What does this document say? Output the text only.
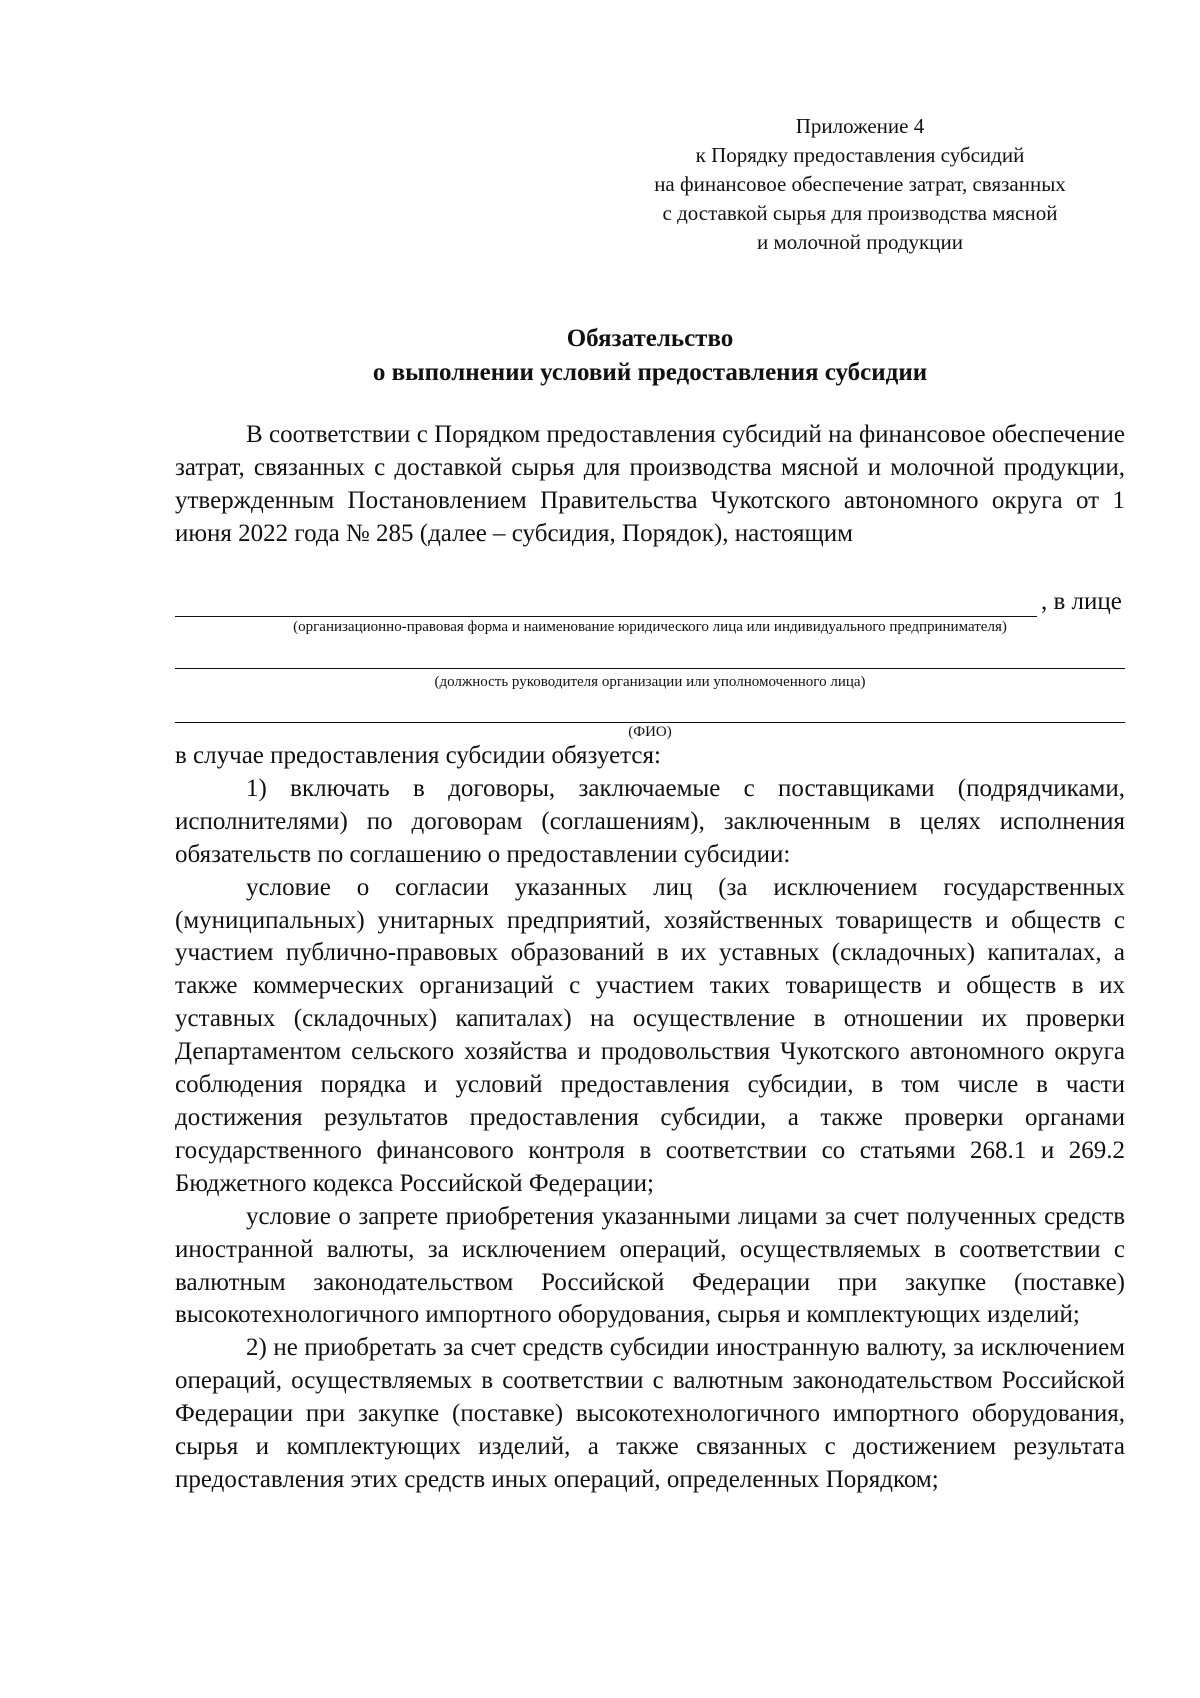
Приложение 4
к Порядку предоставления субсидий
на финансовое обеспечение затрат, связанных
с доставкой сырья для производства мясной
и молочной продукции
Обязательство
о выполнении условий предоставления субсидии

В соответствии с Порядком предоставления субсидий на финансовое обеспечение затрат, связанных с доставкой сырья для производства мясной и молочной продукции, утвержденным Постановлением Правительства Чукотского автономного округа от 1 июня 2022 года № 285 (далее – субсидия, Порядок), настоящим

, в лице
(организационно-правовая форма и наименование юридического лица или индивидуального предпринимателя)
(должность руководителя организации или уполномоченного лица)
(ФИО)

в случае предоставления субсидии обязуется:

1) включать в договоры, заключаемые с поставщиками (подрядчиками, исполнителями) по договорам (соглашениям), заключенным в целях исполнения обязательств по соглашению о предоставлении субсидии:

условие о согласии указанных лиц (за исключением государственных (муниципальных) унитарных предприятий, хозяйственных товариществ и обществ с участием публично-правовых образований в их уставных (складочных) капиталах, а также коммерческих организаций с участием таких товариществ и обществ в их уставных (складочных) капиталах) на осуществление в отношении их проверки Департаментом сельского хозяйства и продовольствия Чукотского автономного округа соблюдения порядка и условий предоставления субсидии, в том числе в части достижения результатов предоставления субсидии, а также проверки органами государственного финансового контроля в соответствии со статьями 268.1 и 269.2 Бюджетного кодекса Российской Федерации;

условие о запрете приобретения указанными лицами за счет полученных средств иностранной валюты, за исключением операций, осуществляемых в соответствии с валютным законодательством Российской Федерации при закупке (поставке) высокотехнологичного импортного оборудования, сырья и комплектующих изделий;

2) не приобретать за счет средств субсидии иностранную валюту, за исключением операций, осуществляемых в соответствии с валютным законодательством Российской Федерации при закупке (поставке) высокотехнологичного импортного оборудования, сырья и комплектующих изделий, а также связанных с достижением результата предоставления этих средств иных операций, определенных Порядком;
